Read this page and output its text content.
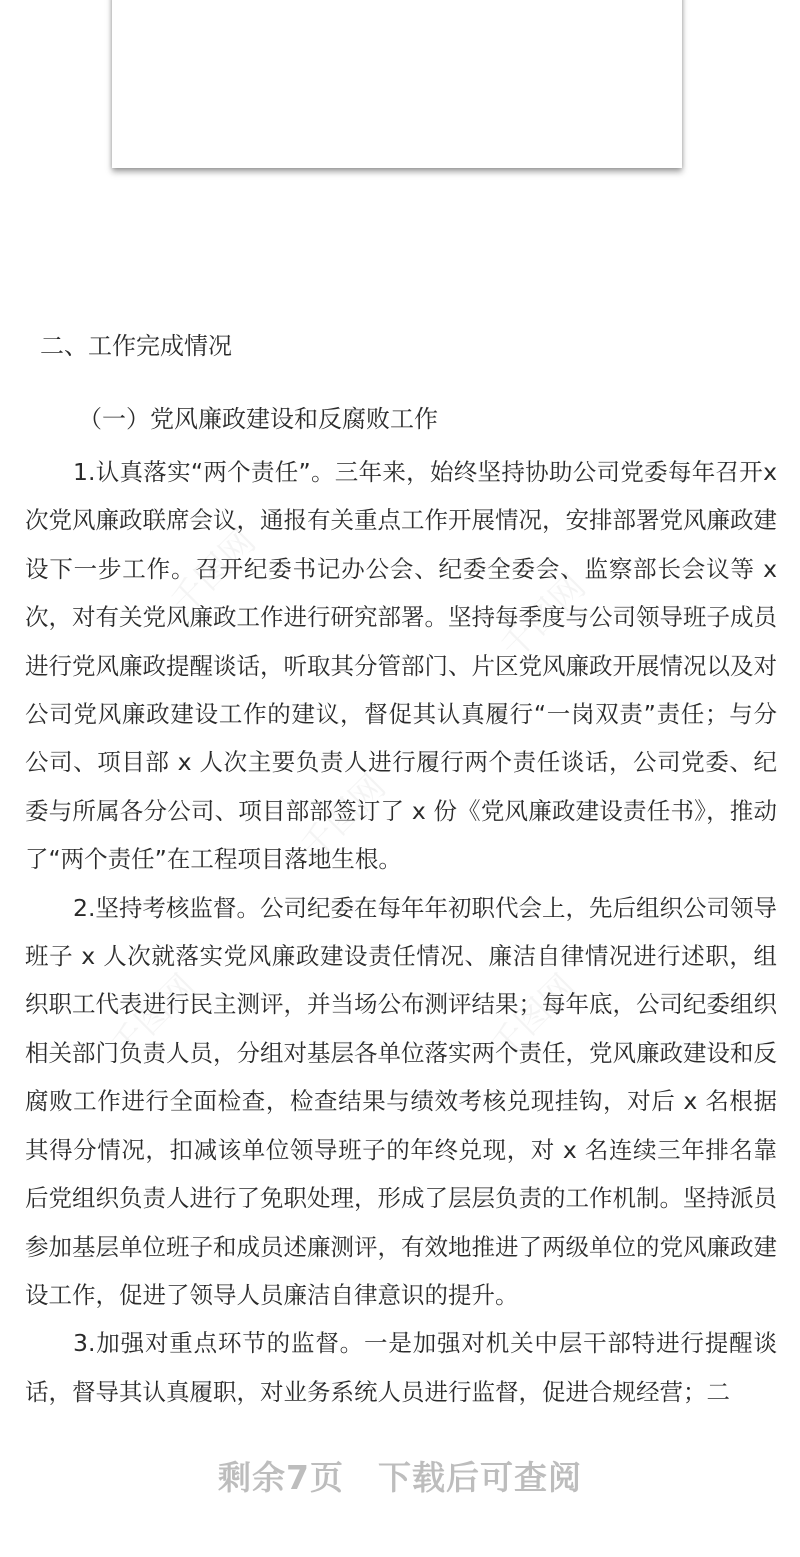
千图网	千图网
千图网
千图网	千图网
二、工作完成情况
（一）党风廉政建设和反腐败工作

1.认真落实“两个责任”。三年来，始终坚持协助公司党委每年召开x 次党风廉政联席会议，通报有关重点工作开展情况，安排部署党风廉政建设下一步工作。召开纪委书记办公会、纪委全委会、监察部长会议等 x 次，对有关党风廉政工作进行研究部署。坚持每季度与公司领导班子成员进行党风廉政提醒谈话，听取其分管部门、片区党风廉政开展情况以及对公司党风廉政建设工作的建议，督促其认真履行“一岗双责”责任；与分公司、项目部 x 人次主要负责人进行履行两个责任谈话，公司党委、纪委与所属各分公司、项目部部签订了 x 份《党风廉政建设责任书》，推动了“两个责任”在工程项目落地生根。

2.坚持考核监督。公司纪委在每年年初职代会上，先后组织公司领导班子 x 人次就落实党风廉政建设责任情况、廉洁自律情况进行述职，组织职工代表进行民主测评，并当场公布测评结果；每年底，公司纪委组织相关部门负责人员，分组对基层各单位落实两个责任，党风廉政建设和反腐败工作进行全面检查，检查结果与绩效考核兑现挂钩，对后 x 名根据其得分情况，扣减该单位领导班子的年终兑现，对 x 名连续三年排名靠后党组织负责人进行了免职处理，形成了层层负责的工作机制。坚持派员参加基层单位班子和成员述廉测评，有效地推进了两级单位的党风廉政建设工作，促进了领导人员廉洁自律意识的提升。

3.加强对重点环节的监督。一是加强对机关中层干部特进行提醒谈话，督导其认真履职，对业务系统人员进行监督，促进合规经营；二

剩余7页 下载后可查阅
